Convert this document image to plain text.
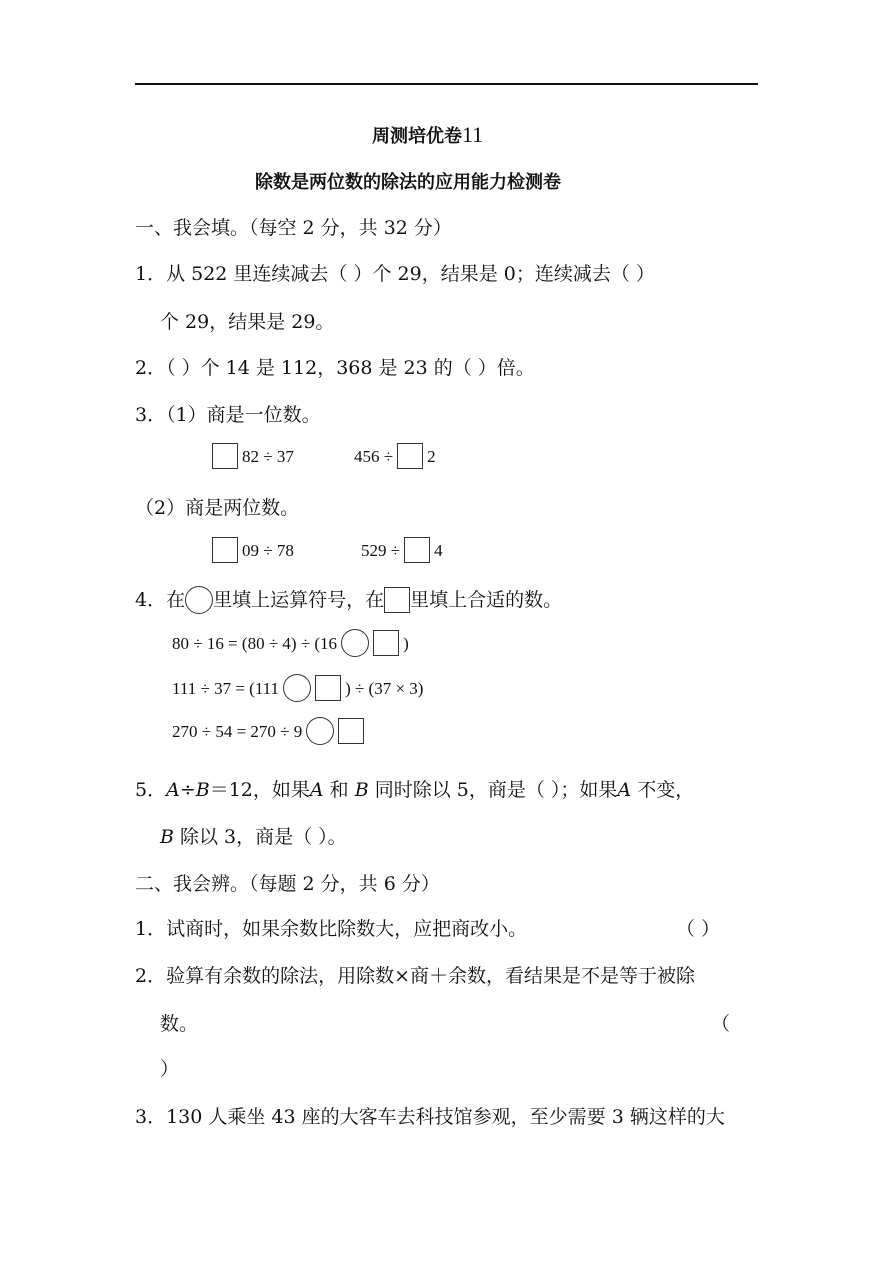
周测培优卷11
除数是两位数的除法的应用能力检测卷
一、我会填。（每空 2 分，共 32 分）
1．从 522 里连续减去（ ）个 29，结果是 0；连续减去（ ）
个 29，结果是 29。
2．（ ）个 14 是 112，368 是 23 的（ ）倍。
3．（1）商是一位数。
82 ÷ 37	456 ÷ 2
（2）商是两位数。
09 ÷ 78	529 ÷ 4
4．在 里填上运算符号，在 里填上合适的数。
80 ÷ 16 = (80 ÷ 4) ÷ (16	)
111 ÷ 37 = (111	) ÷ (37 × 3)
270 ÷ 54 = 270 ÷ 9
5．A÷B＝12，如果A 和 B 同时除以 5，商是（ ）；如果A 不变，
B 除以 3，商是（ ）。
二、我会辨。（每题 2 分，共 6 分）
1．试商时，如果余数比除数大，应把商改小。	（ ）
2．验算有余数的除法，用除数×商＋余数，看结果是不是等于被除
数。	（
）
3．130 人乘坐 43 座的大客车去科技馆参观，至少需要 3 辆这样的大
